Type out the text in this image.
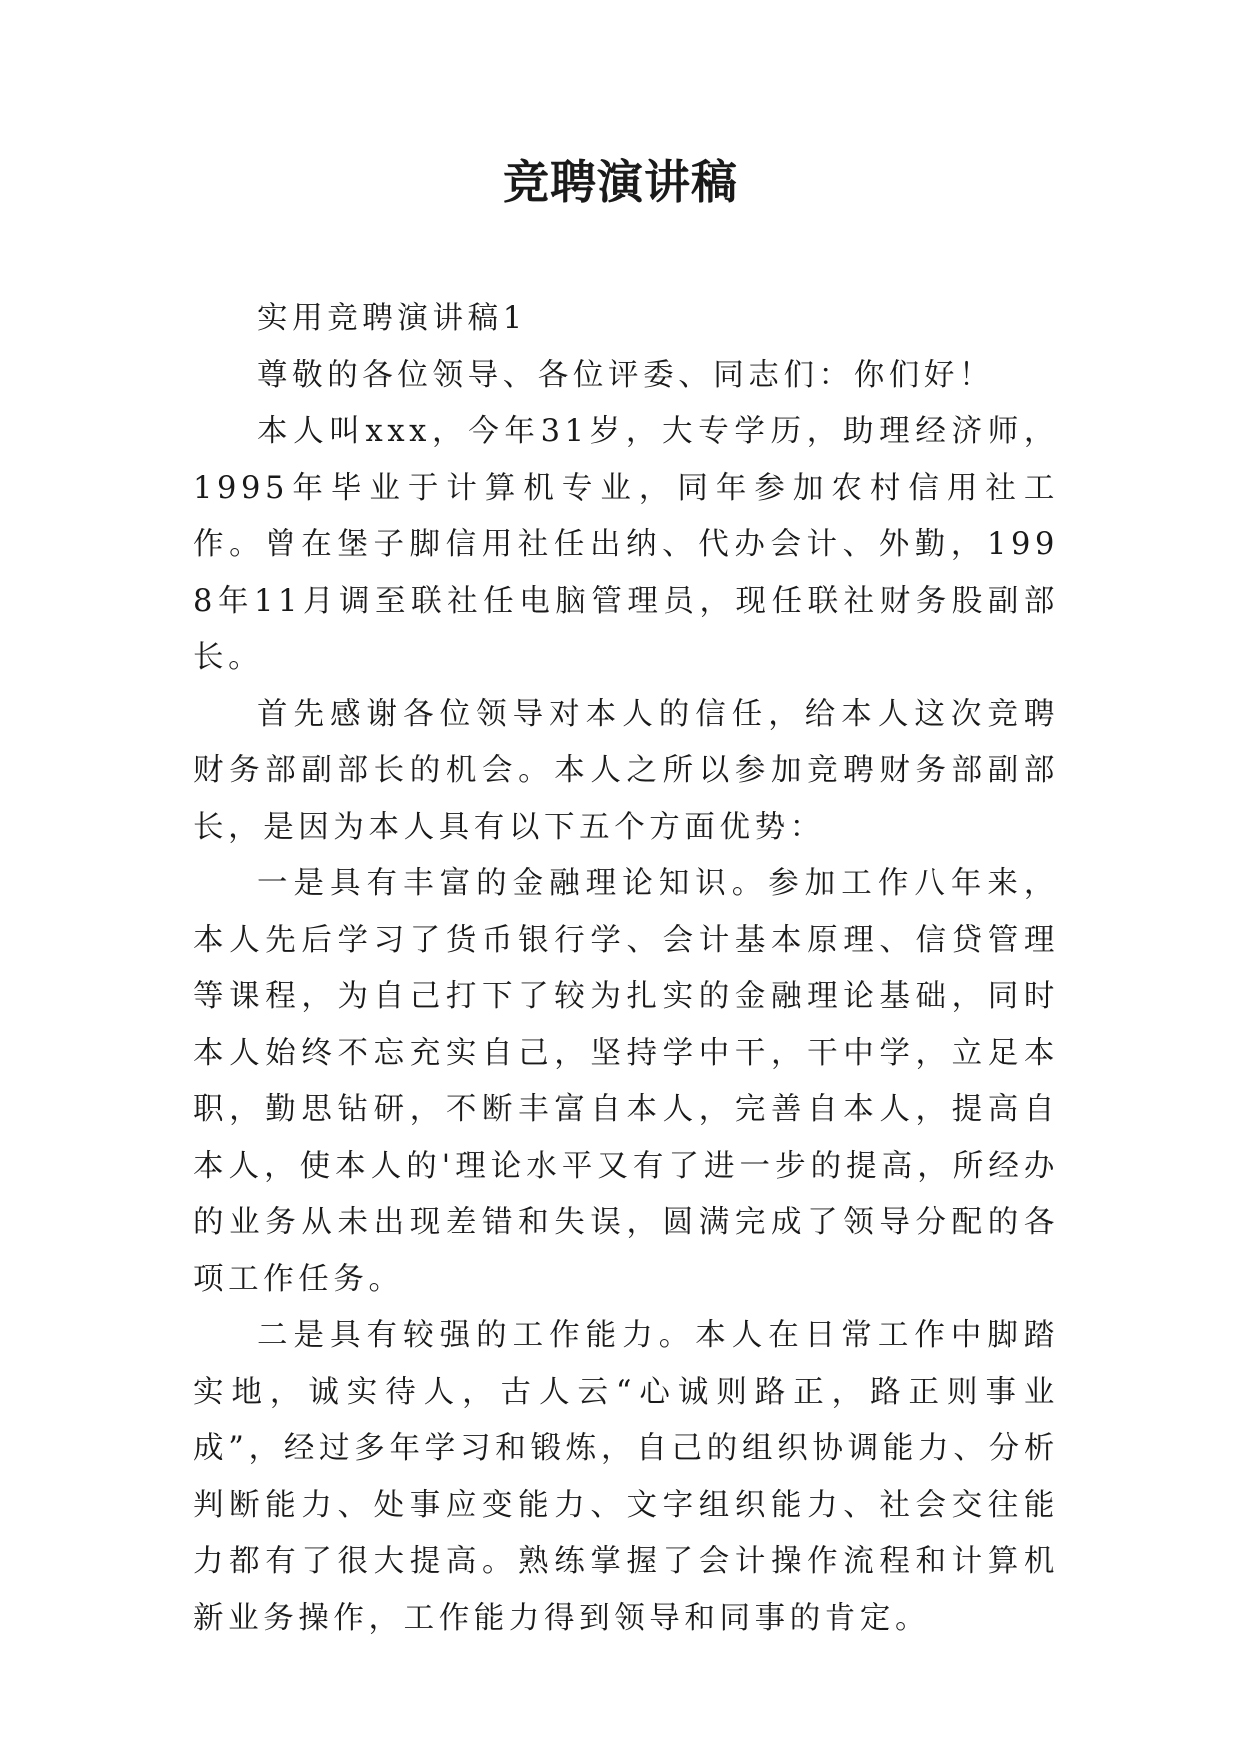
竞聘演讲稿

实用竞聘演讲稿1

尊敬的各位领导、各位评委、同志们：你们好！

本人叫xxx，今年31岁，大专学历，助理经济师，1995年毕业于计算机专业，同年参加农村信用社工作。曾在堡子脚信用社任出纳、代办会计、外勤，1998年11月调至联社任电脑管理员，现任联社财务股副部长。

首先感谢各位领导对本人的信任，给本人这次竞聘财务部副部长的机会。本人之所以参加竞聘财务部副部长，是因为本人具有以下五个方面优势：

一是具有丰富的金融理论知识。参加工作八年来，本人先后学习了货币银行学、会计基本原理、信贷管理等课程，为自己打下了较为扎实的金融理论基础，同时本人始终不忘充实自己，坚持学中干，干中学，立足本职，勤思钻研，不断丰富自本人，完善自本人，提高自本人，使本人的'理论水平又有了进一步的提高，所经办的业务从未出现差错和失误，圆满完成了领导分配的各项工作任务。

二是具有较强的工作能力。本人在日常工作中脚踏实地，诚实待人，古人云“心诚则路正，路正则事业成”，经过多年学习和锻炼，自己的组织协调能力、分析判断能力、处事应变能力、文字组织能力、社会交往能力都有了很大提高。熟练掌握了会计操作流程和计算机新业务操作，工作能力得到领导和同事的肯定。
